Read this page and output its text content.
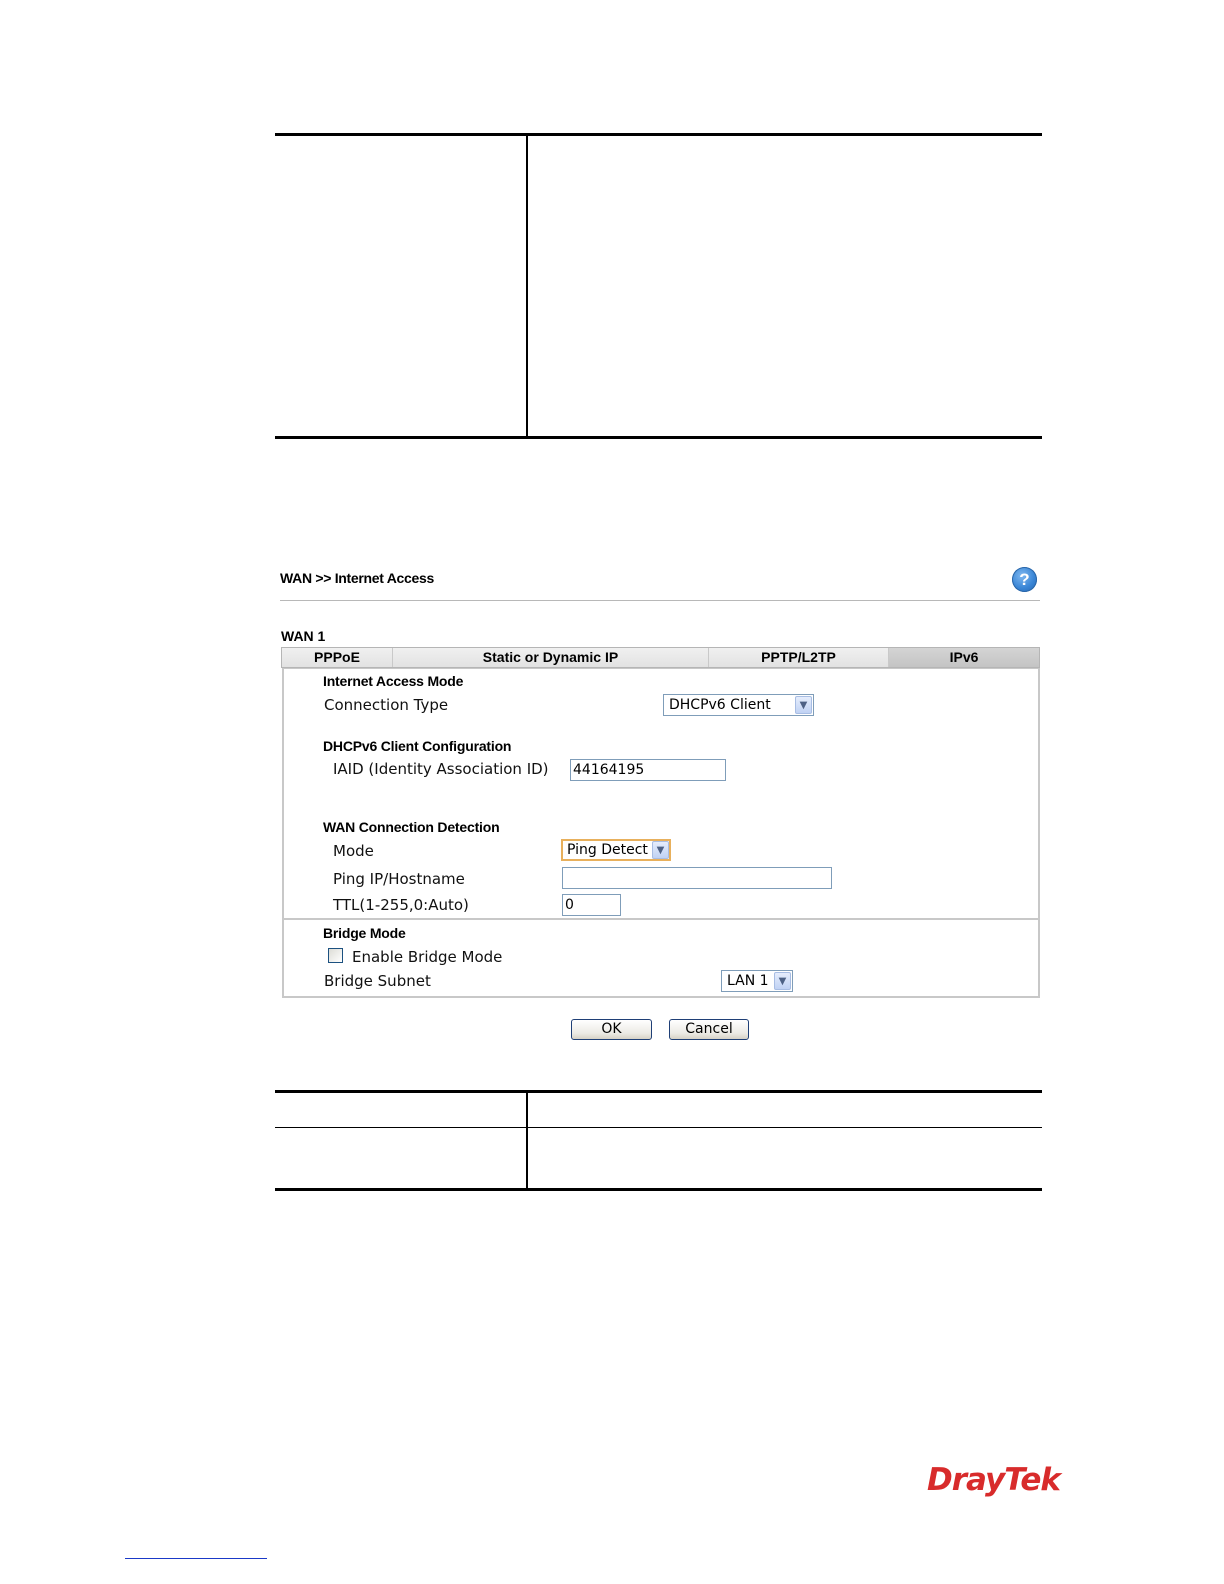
WAN >> Internet Access	?
WAN 1
PPPoE	Static or Dynamic IP	PPTP/L2TP	IPv6
Internet Access Mode
Connection Type	DHCPv6 Client	▼
DHCPv6 Client Configuration
IAID (Identity Association ID) 44164195
WAN Connection Detection
Mode	Ping Detect ▼
Ping IP/Hostname
TTL(1-255,0:Auto)	0
Bridge Mode
Enable Bridge Mode
Bridge Subnet	LAN 1	▼
OK	Cancel
DrayTek
